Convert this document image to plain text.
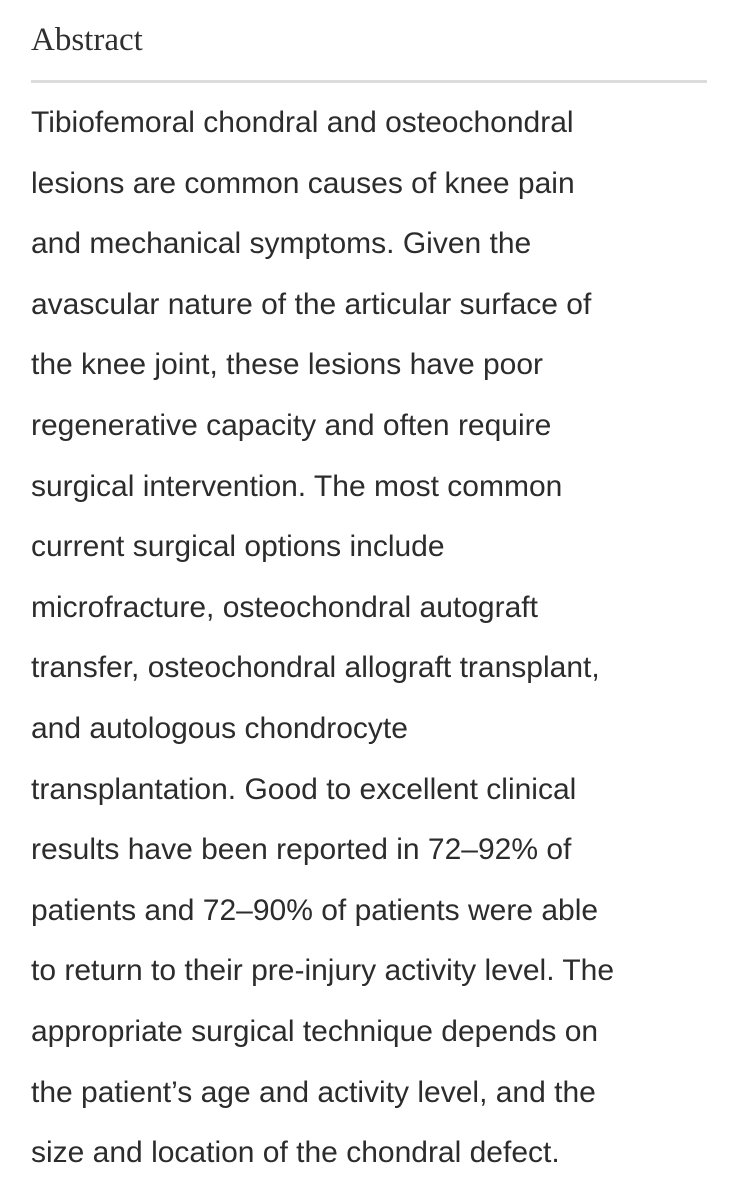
Abstract

Tibiofemoral chondral and osteochondral
lesions are common causes of knee pain
and mechanical symptoms. Given the
avascular nature of the articular surface of
the knee joint, these lesions have poor
regenerative capacity and often require
surgical intervention. The most common
current surgical options include
microfracture, osteochondral autograft
transfer, osteochondral allograft transplant,
and autologous chondrocyte
transplantation. Good to excellent clinical
results have been reported in 72–92% of
patients and 72–90% of patients were able
to return to their pre-injury activity level. The
appropriate surgical technique depends on
the patient’s age and activity level, and the
size and location of the chondral defect.
